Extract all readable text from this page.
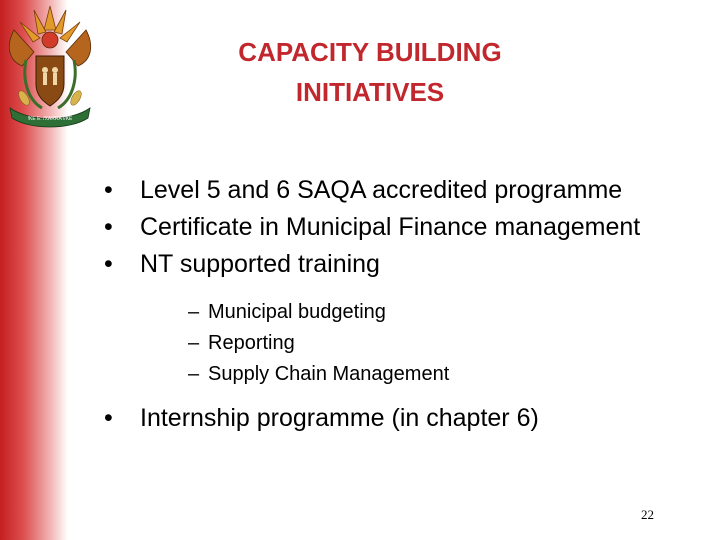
!KE E: /XARRA //KE
CAPACITY BUILDING
INITIATIVES
• Level 5 and 6 SAQA accredited programme
• Certificate in Municipal Finance management
• NT supported training
– Municipal budgeting
– Reporting
– Supply Chain Management
• Internship programme (in chapter 6)
22
